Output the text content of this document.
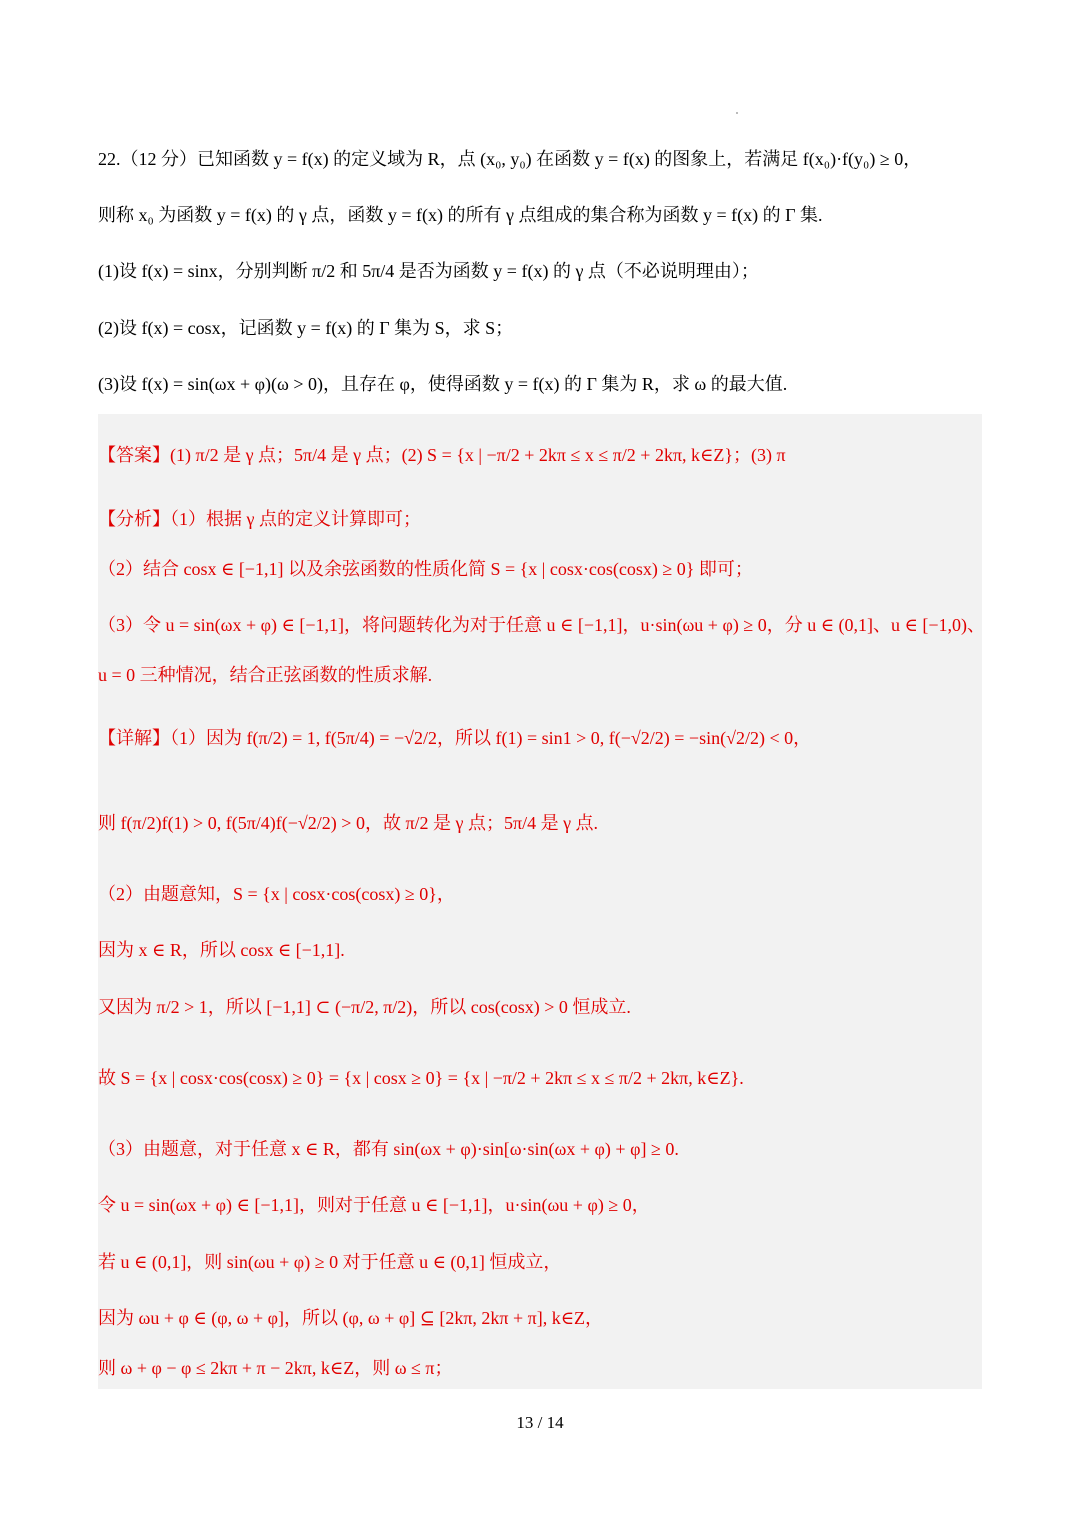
22.（12 分）已知函数 y = f(x) 的定义域为 R，点 (x₀, y₀) 在函数 y = f(x) 的图象上，若满足 f(x₀)·f(y₀) ≥ 0，
则称 x₀ 为函数 y = f(x) 的 γ 点，函数 y = f(x) 的所有 γ 点组成的集合称为函数 y = f(x) 的 Γ 集.
(1)设 f(x) = sinx，分别判断 π/2 和 5π/4 是否为函数 y = f(x) 的 γ 点（不必说明理由）；
(2)设 f(x) = cosx，记函数 y = f(x) 的 Γ 集为 S，求 S；
(3)设 f(x) = sin(ωx + φ)(ω > 0)，且存在 φ，使得函数 y = f(x) 的 Γ 集为 R，求 ω 的最大值.
【答案】(1) π/2 是 γ 点；5π/4 是 γ 点；(2) S = {x | −π/2 + 2kπ ≤ x ≤ π/2 + 2kπ, k∈Z}；(3) π
【分析】（1）根据 γ 点的定义计算即可；
（2）结合 cosx ∈ [−1,1] 以及余弦函数的性质化简 S = {x | cosx·cos(cosx) ≥ 0} 即可；
（3）令 u = sin(ωx + φ) ∈ [−1,1]，将问题转化为对于任意 u ∈ [−1,1]，u·sin(ωu + φ) ≥ 0，分 u ∈ (0,1]、u ∈ [−1,0)、
u = 0 三种情况，结合正弦函数的性质求解.
【详解】（1）因为 f(π/2) = 1, f(5π/4) = −√2/2，所以 f(1) = sin1 > 0, f(−√2/2) = −sin(√2/2) < 0，
则 f(π/2)f(1) > 0, f(5π/4)f(−√2/2) > 0，故 π/2 是 γ 点；5π/4 是 γ 点.
（2）由题意知，S = {x | cosx·cos(cosx) ≥ 0}，
因为 x ∈ R，所以 cosx ∈ [−1,1].
又因为 π/2 > 1，所以 [−1,1] ⊂ (−π/2, π/2)，所以 cos(cosx) > 0 恒成立.
故 S = {x | cosx·cos(cosx) ≥ 0} = {x | cosx ≥ 0} = {x | −π/2 + 2kπ ≤ x ≤ π/2 + 2kπ, k∈Z}.
（3）由题意，对于任意 x ∈ R，都有 sin(ωx + φ)·sin[ω·sin(ωx + φ) + φ] ≥ 0.
令 u = sin(ωx + φ) ∈ [−1,1]，则对于任意 u ∈ [−1,1]，u·sin(ωu + φ) ≥ 0，
若 u ∈ (0,1]，则 sin(ωu + φ) ≥ 0 对于任意 u ∈ (0,1] 恒成立，
因为 ωu + φ ∈ (φ, ω + φ]，所以 (φ, ω + φ] ⊆ [2kπ, 2kπ + π], k∈Z，
则 ω + φ − φ ≤ 2kπ + π − 2kπ, k∈Z，则 ω ≤ π；
13 / 14
